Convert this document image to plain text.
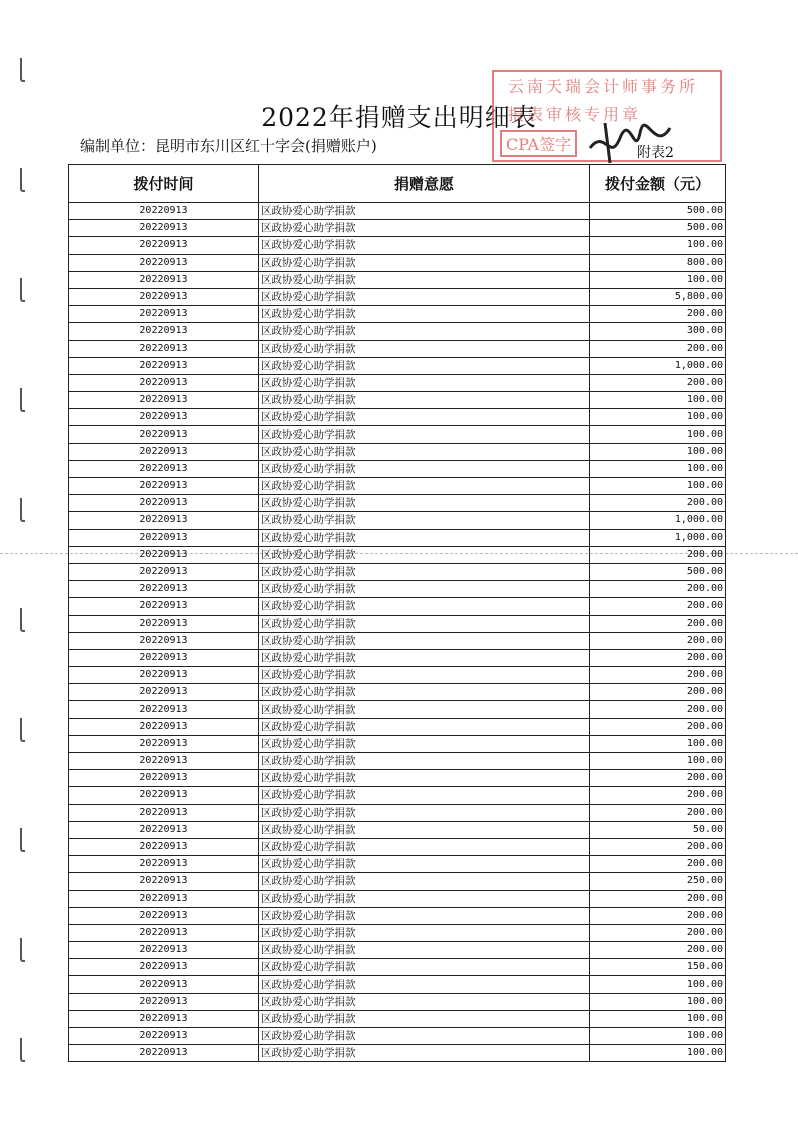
2022年捐赠支出明细表
编制单位：昆明市东川区红十字会(捐赠账户)	附表2
云南天瑞会计师事务所
报表审核专用章
CPA签字
拨付时间	捐赠意愿	拨付金额（元）
20220913	区政协爱心助学捐款	500.00
20220913	区政协爱心助学捐款	500.00
20220913	区政协爱心助学捐款	100.00
20220913	区政协爱心助学捐款	800.00
20220913	区政协爱心助学捐款	100.00
20220913	区政协爱心助学捐款	5,800.00
20220913	区政协爱心助学捐款	200.00
20220913	区政协爱心助学捐款	300.00
20220913	区政协爱心助学捐款	200.00
20220913	区政协爱心助学捐款	1,000.00
20220913	区政协爱心助学捐款	200.00
20220913	区政协爱心助学捐款	100.00
20220913	区政协爱心助学捐款	100.00
20220913	区政协爱心助学捐款	100.00
20220913	区政协爱心助学捐款	100.00
20220913	区政协爱心助学捐款	100.00
20220913	区政协爱心助学捐款	100.00
20220913	区政协爱心助学捐款	200.00
20220913	区政协爱心助学捐款	1,000.00
20220913	区政协爱心助学捐款	1,000.00
20220913	区政协爱心助学捐款	200.00
20220913	区政协爱心助学捐款	500.00
20220913	区政协爱心助学捐款	200.00
20220913	区政协爱心助学捐款	200.00
20220913	区政协爱心助学捐款	200.00
20220913	区政协爱心助学捐款	200.00
20220913	区政协爱心助学捐款	200.00
20220913	区政协爱心助学捐款	200.00
20220913	区政协爱心助学捐款	200.00
20220913	区政协爱心助学捐款	200.00
20220913	区政协爱心助学捐款	200.00
20220913	区政协爱心助学捐款	100.00
20220913	区政协爱心助学捐款	100.00
20220913	区政协爱心助学捐款	200.00
20220913	区政协爱心助学捐款	200.00
20220913	区政协爱心助学捐款	200.00
20220913	区政协爱心助学捐款	50.00
20220913	区政协爱心助学捐款	200.00
20220913	区政协爱心助学捐款	200.00
20220913	区政协爱心助学捐款	250.00
20220913	区政协爱心助学捐款	200.00
20220913	区政协爱心助学捐款	200.00
20220913	区政协爱心助学捐款	200.00
20220913	区政协爱心助学捐款	200.00
20220913	区政协爱心助学捐款	150.00
20220913	区政协爱心助学捐款	100.00
20220913	区政协爱心助学捐款	100.00
20220913	区政协爱心助学捐款	100.00
20220913	区政协爱心助学捐款	100.00
20220913	区政协爱心助学捐款	100.00
